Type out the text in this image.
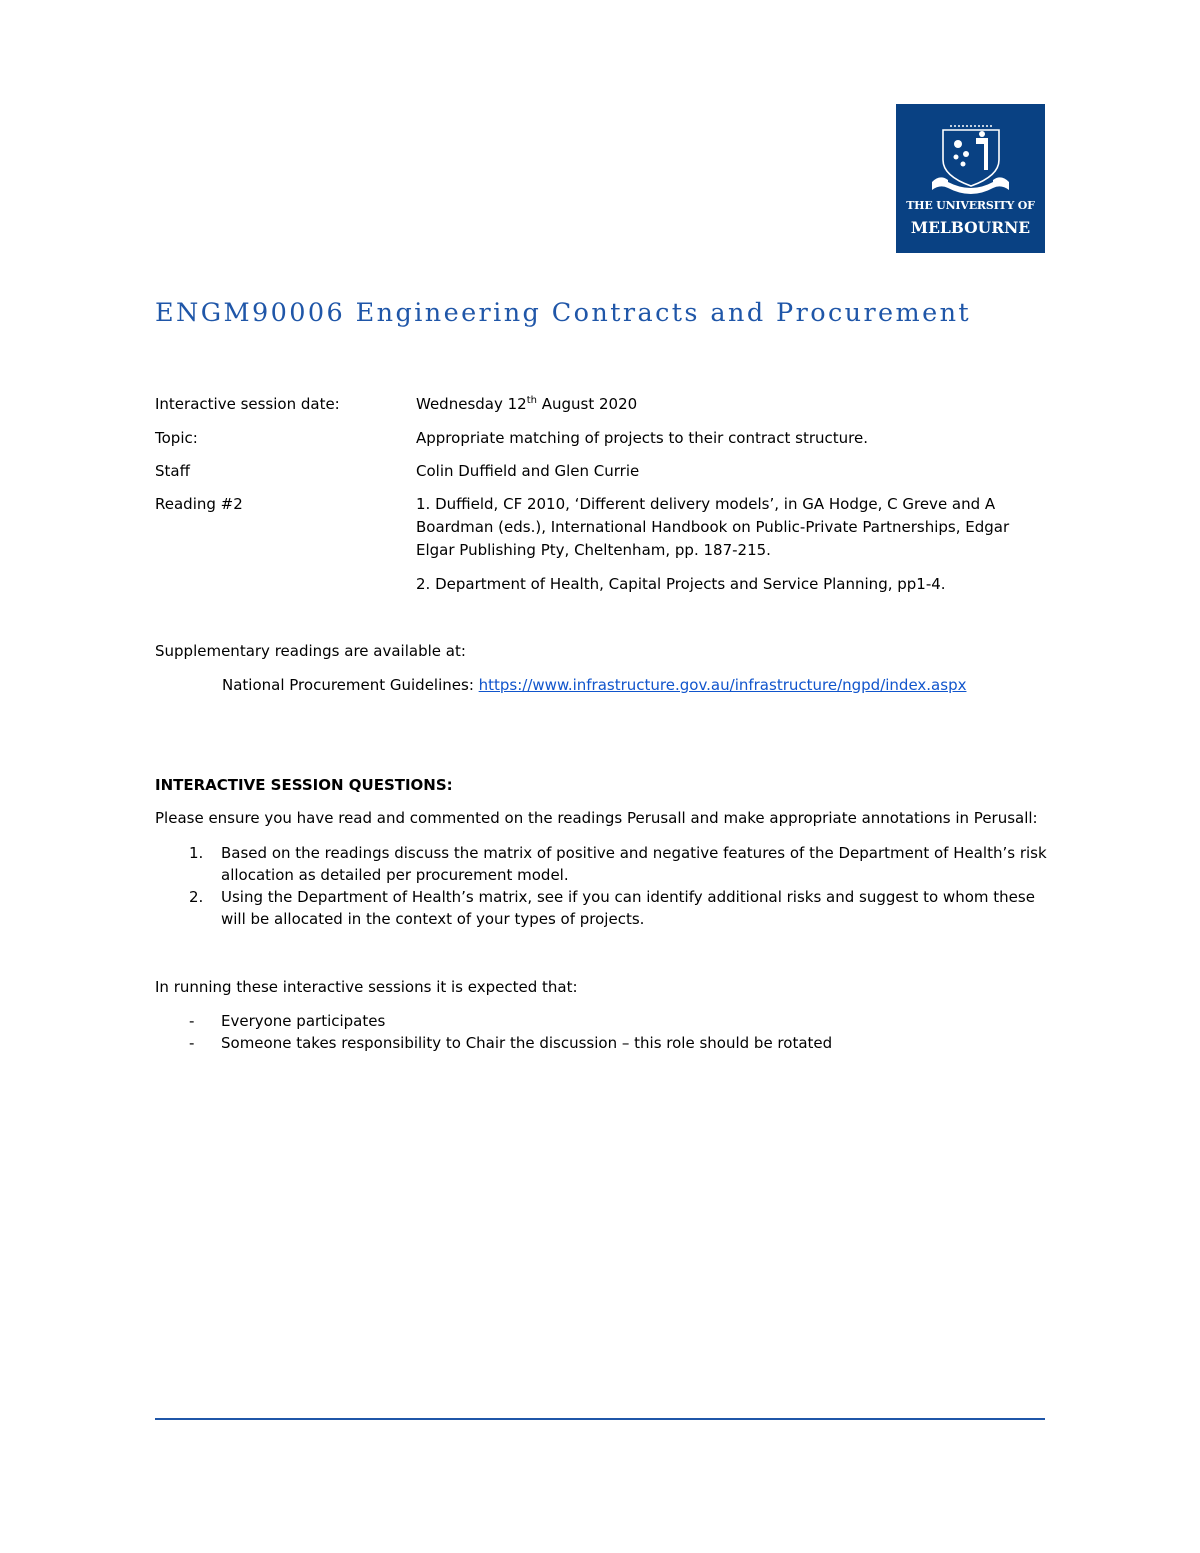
THE UNIVERSITY OF
MELBOURNE
ENGM90006 Engineering Contracts and Procurement
Interactive session date:	Wednesday 12th August 2020
Topic:	Appropriate matching of projects to their contract structure.
Staff	Colin Duffield and Glen Currie
Reading #2	1. Duffield, CF 2010, ‘Different delivery models’, in GA Hodge, C Greve and A
Boardman (eds.), International Handbook on Public-Private Partnerships, Edgar
Elgar Publishing Pty, Cheltenham, pp. 187-215.
2. Department of Health, Capital Projects and Service Planning, pp1-4.
Supplementary readings are available at:
National Procurement Guidelines: https://www.infrastructure.gov.au/infrastructure/ngpd/index.aspx
INTERACTIVE SESSION QUESTIONS:
Please ensure you have read and commented on the readings Perusall and make appropriate annotations in Perusall:
1. Based on the readings discuss the matrix of positive and negative features of the Department of Health’s risk
allocation as detailed per procurement model.
2. Using the Department of Health’s matrix, see if you can identify additional risks and suggest to whom these
will be allocated in the context of your types of projects.
In running these interactive sessions it is expected that:
- Everyone participates
- Someone takes responsibility to Chair the discussion – this role should be rotated
